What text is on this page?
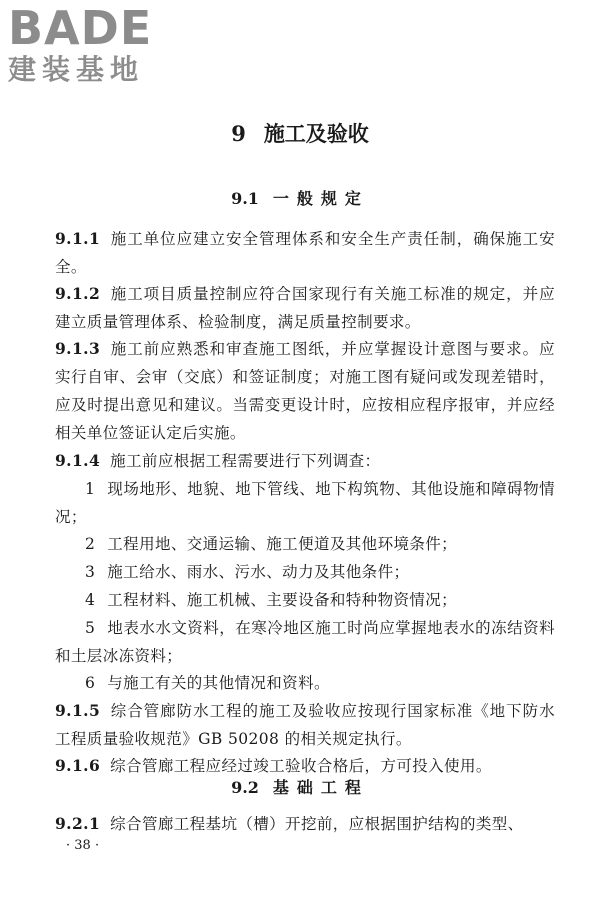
BADE
建装基地
9 施工及验收
9.1 一般规定
9.1.1 施工单位应建立安全管理体系和安全生产责任制，确保施工安全。
9.1.2 施工项目质量控制应符合国家现行有关施工标准的规定，并应建立质量管理体系、检验制度，满足质量控制要求。
9.1.3 施工前应熟悉和审查施工图纸，并应掌握设计意图与要求。应实行自审、会审（交底）和签证制度；对施工图有疑问或发现差错时，应及时提出意见和建议。当需变更设计时，应按相应程序报审，并应经相关单位签证认定后实施。
9.1.4 施工前应根据工程需要进行下列调查：
1 现场地形、地貌、地下管线、地下构筑物、其他设施和障碍物情况；
2 工程用地、交通运输、施工便道及其他环境条件；
3 施工给水、雨水、污水、动力及其他条件；
4 工程材料、施工机械、主要设备和特种物资情况；
5 地表水水文资料，在寒冷地区施工时尚应掌握地表水的冻结资料和土层冰冻资料；
6 与施工有关的其他情况和资料。
9.1.5 综合管廊防水工程的施工及验收应按现行国家标准《地下防水工程质量验收规范》GB 50208 的相关规定执行。
9.1.6 综合管廊工程应经过竣工验收合格后，方可投入使用。
9.2 基础工程
9.2.1 综合管廊工程基坑（槽）开挖前，应根据围护结构的类型、
· 38 ·
